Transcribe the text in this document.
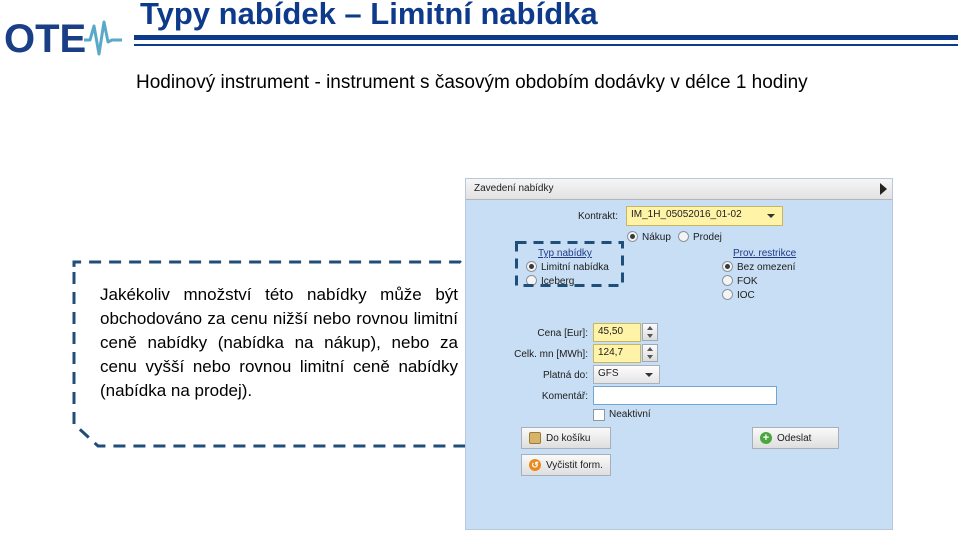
OTE
Typy nabídek – Limitní nabídka
Hodinový instrument - instrument s časovým obdobím dodávky v délce 1 hodiny
Jakékoliv množství této nabídky může být obchodováno za cenu nižší nebo rovnou limitní ceně nabídky (nabídka na nákup), nebo za cenu vyšší nebo rovnou limitní ceně nabídky (nabídka na prodej).
Zavedení nabídky
Kontrakt:	IM_1H_05052016_01-02
Nákup Prodej
Typ nabídky
Limitní nabídka
Iceberg
Prov. restrikce
Bez omezení
FOK
IOC
Cena [Eur]:	45,50
Celk. mn [MWh]:	124,7
Platná do:	GFS
Komentář:
Neaktivní
Do košíku	+ Odeslat
↺ Vyčistit form.
